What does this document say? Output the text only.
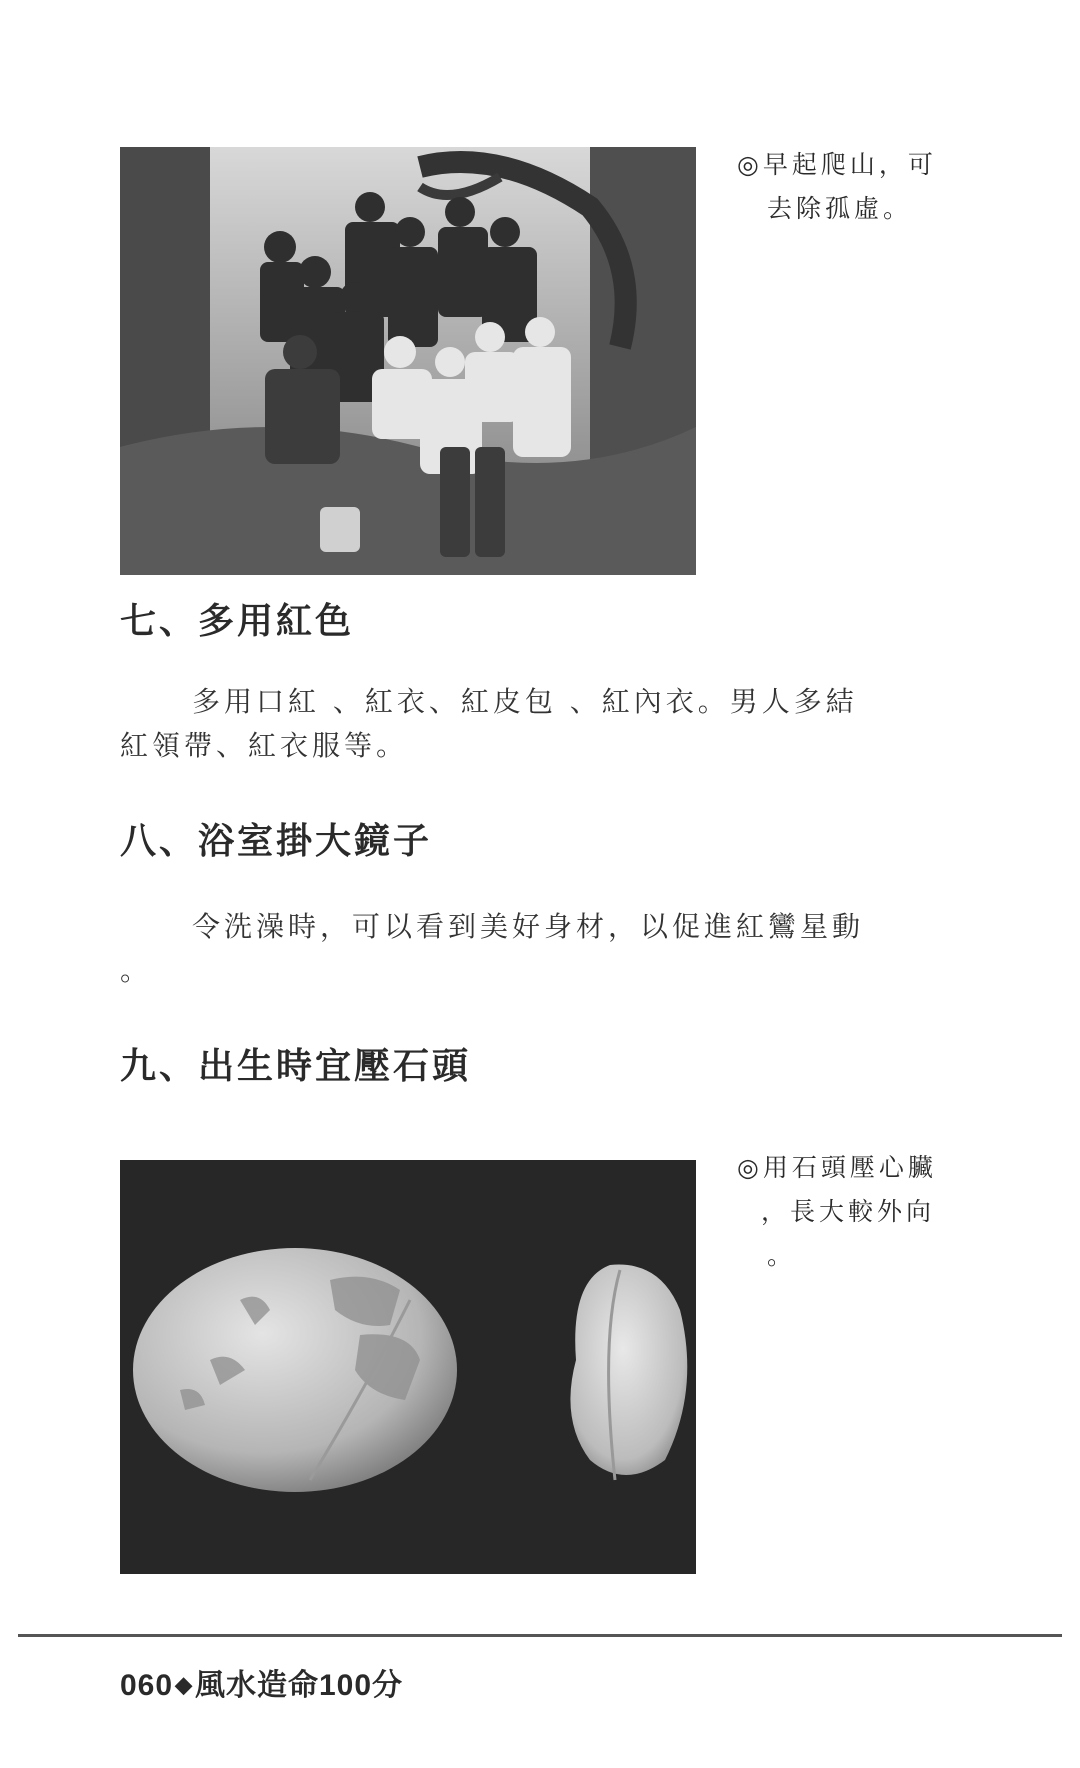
◎早起爬山，可
去除孤虛。
七、多用紅色
多用口紅 、紅衣、紅皮包 、紅內衣。男人多結
紅領帶、紅衣服等。
八、浴室掛大鏡子
令洗澡時，可以看到美好身材，以促進紅鸞星動
。
九、出生時宜壓石頭
◎用石頭壓心臟
，長大較外向
。
060◆風水造命100分
